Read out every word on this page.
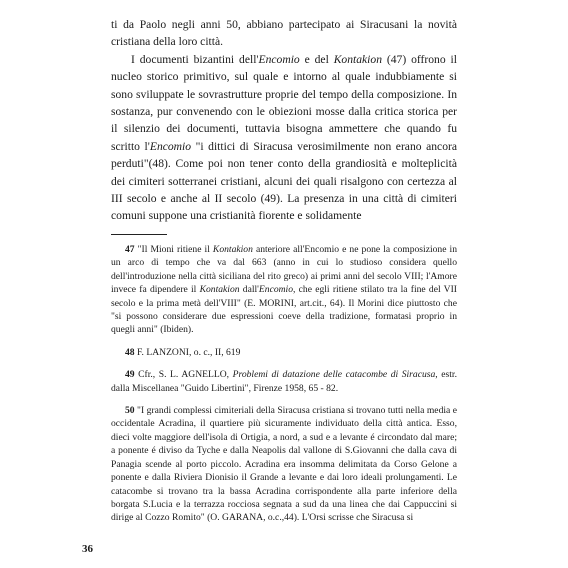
ti da Paolo negli anni 50, abbiano partecipato ai Siracusani la novità cristiana della loro città.

I documenti bizantini dell'Encomio e del Kontakion (47) offrono il nucleo storico primitivo, sul quale e intorno al quale indubbiamente si sono sviluppate le sovrastrutture proprie del tempo della composizione. In sostanza, pur convenendo con le obiezioni mosse dalla critica storica per il silenzio dei documenti, tuttavia bisogna ammettere che quando fu scritto l'Encomio "i dittici di Siracusa verosimilmente non erano ancora perduti"(48). Come poi non tener conto della grandiosità e molteplicità dei cimiteri sotterranei cristiani, alcuni dei quali risalgono con certezza al III secolo e anche al II secolo (49). La presenza in una città di cimiteri comuni suppone una cristianità fiorente e solidamente

47 "Il Mioni ritiene il Kontakion anteriore all'Encomio e ne pone la composizione in un arco di tempo che va dal 663 (anno in cui lo studioso considera quello dell'introduzione nella città siciliana del rito greco) ai primi anni del secolo VIII; l'Amore invece fa dipendere il Kontakion dall'Encomio, che egli ritiene stilato tra la fine del VII secolo e la prima metà dell'VIII" (E. MORINI, art.cit., 64). Il Morini dice piuttosto che "si possono considerare due espressioni coeve della tradizione, formatasi proprio in quegli anni" (Ibiden).

48 F. LANZONI, o. c., II, 619

49 Cfr., S. L. AGNELLO, Problemi di datazione delle catacombe di Siracusa, estr. dalla Miscellanea "Guido Libertini", Firenze 1958, 65 - 82.

50 "I grandi complessi cimiteriali della Siracusa cristiana si trovano tutti nella media e occidentale Acradina, il quartiere più sicuramente individuato della città antica. Esso, dieci volte maggiore dell'isola di Ortigia, a nord, a sud e a levante é circondato dal mare; a ponente é diviso da Tyche e dalla Neapolis dal vallone di S.Giovanni che dalla cava di Panagia scende al porto piccolo. Acradina era insomma delimitata da Corso Gelone a ponente e dalla Riviera Dionisio il Grande a levante e dai loro ideali prolungamenti. Le catacombe si trovano tra la bassa Acradina corrispondente alla parte inferiore della borgata S.Lucia e la terrazza rocciosa segnata a sud da una linea che dai Cappuccini si dirige al Cozzo Romito" (O. GARANA, o.c.,44). L'Orsi scrisse che Siracusa si

36
